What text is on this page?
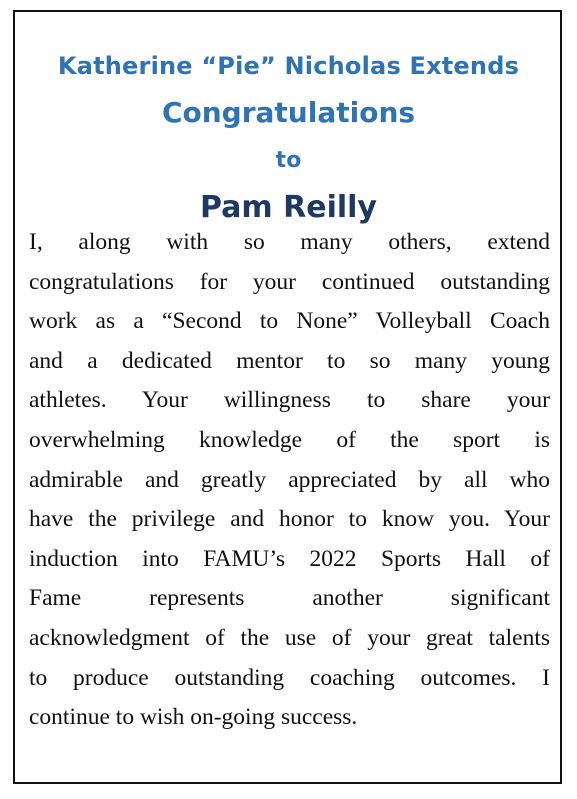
Katherine “Pie” Nicholas Extends
Congratulations
to
Pam Reilly
I, along with so many others, extend
congratulations for your continued outstanding
work as a “Second to None” Volleyball Coach
and a dedicated mentor to so many young
athletes. Your willingness to share your
overwhelming knowledge of the sport is
admirable and greatly appreciated by all who
have the privilege and honor to know you. Your
induction into FAMU’s 2022 Sports Hall of
Fame represents another significant
acknowledgment of the use of your great talents
to produce outstanding coaching outcomes. I
continue to wish on-going success.
